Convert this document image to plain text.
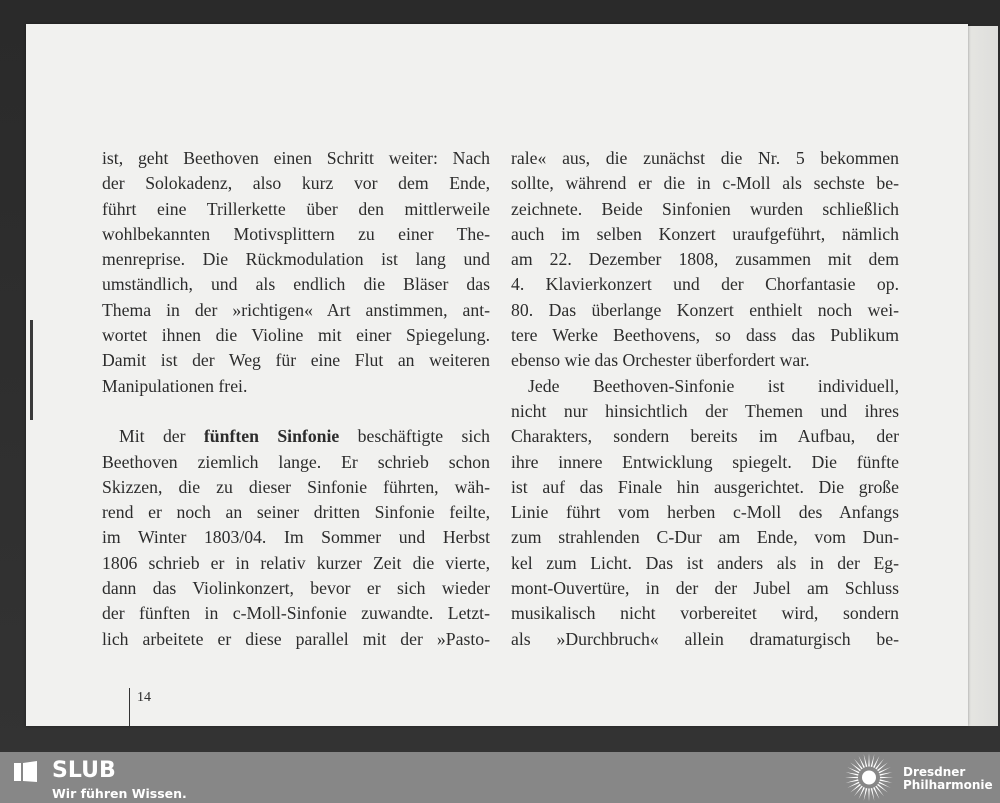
ist, geht Beethoven einen Schritt weiter: Nach
der Solokadenz, also kurz vor dem Ende,
führt eine Trillerkette über den mittlerweile
wohlbekannten Motivsplittern zu einer The-
menreprise. Die Rückmodulation ist lang und
umständlich, und als endlich die Bläser das
Thema in der »richtigen« Art anstimmen, ant-
wortet ihnen die Violine mit einer Spiegelung.
Damit ist der Weg für eine Flut an weiteren
Manipulationen frei.
Mit der fünften Sinfonie beschäftigte sich
Beethoven ziemlich lange. Er schrieb schon
Skizzen, die zu dieser Sinfonie führten, wäh-
rend er noch an seiner dritten Sinfonie feilte,
im Winter 1803/04. Im Sommer und Herbst
1806 schrieb er in relativ kurzer Zeit die vierte,
dann das Violinkonzert, bevor er sich wieder
der fünften in c-Moll-Sinfonie zuwandte. Letzt-
lich arbeitete er diese parallel mit der »Pasto-
rale« aus, die zunächst die Nr. 5 bekommen
sollte, während er die in c-Moll als sechste be-
zeichnete. Beide Sinfonien wurden schließlich
auch im selben Konzert uraufgeführt, nämlich
am 22. Dezember 1808, zusammen mit dem
4. Klavierkonzert und der Chorfantasie op.
80. Das überlange Konzert enthielt noch wei-
tere Werke Beethovens, so dass das Publikum
ebenso wie das Orchester überfordert war.
Jede Beethoven-Sinfonie ist individuell,
nicht nur hinsichtlich der Themen und ihres
Charakters, sondern bereits im Aufbau, der
ihre innere Entwicklung spiegelt. Die fünfte
ist auf das Finale hin ausgerichtet. Die große
Linie führt vom herben c-Moll des Anfangs
zum strahlenden C-Dur am Ende, vom Dun-
kel zum Licht. Das ist anders als in der Eg-
mont-Ouvertüre, in der der Jubel am Schluss
musikalisch nicht vorbereitet wird, sondern
als »Durchbruch« allein dramaturgisch be-
14
SLUB
Wir führen Wissen.
Dresdner
Philharmonie
